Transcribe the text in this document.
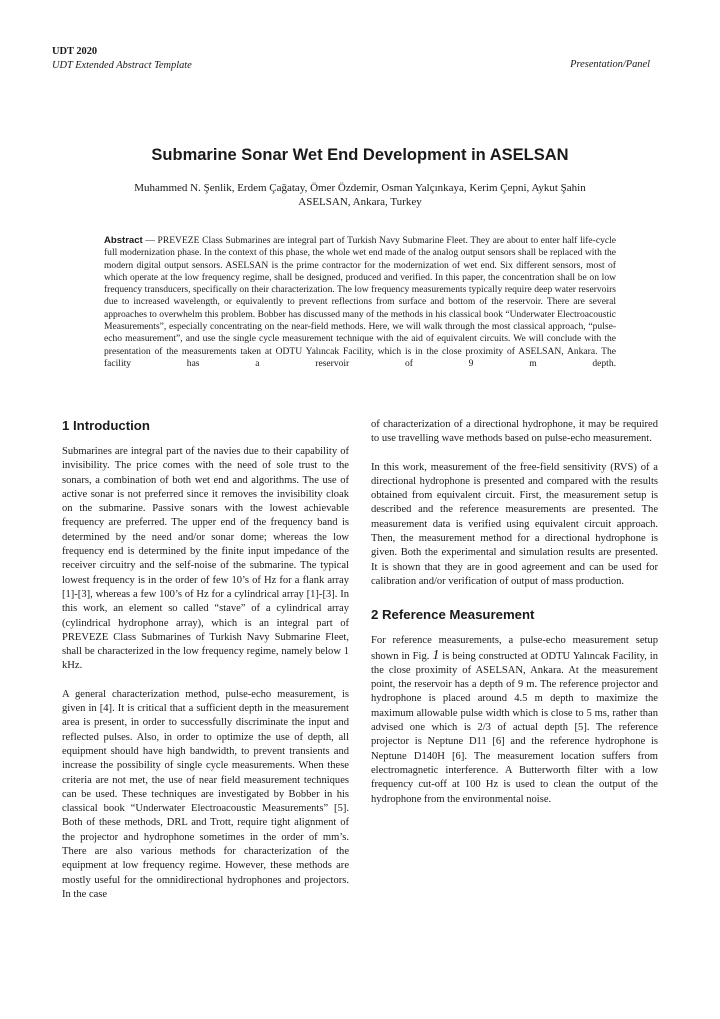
UDT 2020
UDT Extended Abstract Template	Presentation/Panel
Submarine Sonar Wet End Development in ASELSAN
Muhammed N. Şenlik, Erdem Çağatay, Ömer Özdemir, Osman Yalçınkaya, Kerim Çepni, Aykut Şahin
ASELSAN, Ankara, Turkey
Abstract — PREVEZE Class Submarines are integral part of Turkish Navy Submarine Fleet. They are about to enter half life-cycle full modernization phase. In the context of this phase, the whole wet end made of the analog output sensors shall be replaced with the modern digital output sensors. ASELSAN is the prime contractor for the modernization of wet end. Six different sensors, most of which operate at the low frequency regime, shall be designed, produced and verified. In this paper, the concentration shall be on low frequency transducers, specifically on their characterization. The low frequency measurements typically require deep water reservoirs due to increased wavelength, or equivalently to prevent reflections from surface and bottom of the reservoir. There are several approaches to overwhelm this problem. Bobber has discussed many of the methods in his classical book “Underwater Electroacoustic Measurements”, especially concentrating on the near-field methods. Here, we will walk through the most classical approach, “pulse-echo measurement”, and use the single cycle measurement technique with the aid of equivalent circuits. We will conclude with the presentation of the measurements taken at ODTU Yalıncak Facility, which is in the close proximity of ASELSAN, Ankara. The facility has a reservoir of 9 m depth.
1 Introduction

Submarines are integral part of the navies due to their capability of invisibility. The price comes with the need of sole trust to the sonars, a combination of both wet end and algorithms. The use of active sonar is not preferred since it removes the invisibility cloak on the submarine. Passive sonars with the lowest achievable frequency are preferred. The upper end of the frequency band is determined by the need and/or sonar dome; whereas the low frequency end is determined by the finite input impedance of the receiver circuitry and the self-noise of the submarine. The typical lowest frequency is in the order of few 10’s of Hz for a flank array [1]-[3], whereas a few 100’s of Hz for a cylindrical array [1]-[3]. In this work, an element so called “stave” of a cylindrical array (cylindrical hydrophone array), which is an integral part of PREVEZE Class Submarines of Turkish Navy Submarine Fleet, shall be characterized in the low frequency regime, namely below 1 kHz.

A general characterization method, pulse-echo measurement, is given in [4]. It is critical that a sufficient depth in the measurement area is present, in order to successfully discriminate the input and reflected pulses. Also, in order to optimize the use of depth, all equipment should have high bandwidth, to prevent transients and increase the possibility of single cycle measurements. When these criteria are not met, the use of near field measurement techniques can be used. These techniques are investigated by Bobber in his classical book “Underwater Electroacoustic Measurements” [5]. Both of these methods, DRL and Trott, require tight alignment of the projector and hydrophone sometimes in the order of mm’s. There are also various methods for characterization of the equipment at low frequency regime. However, these methods are mostly useful for the omnidirectional hydrophones and projectors. In the case

of characterization of a directional hydrophone, it may be required to use travelling wave methods based on pulse-echo measurement.

In this work, measurement of the free-field sensitivity (RVS) of a directional hydrophone is presented and compared with the results obtained from equivalent circuit. First, the measurement setup is described and the reference measurements are presented. The measurement data is verified using equivalent circuit approach. Then, the measurement method for a directional hydrophone is given. Both the experimental and simulation results are presented. It is shown that they are in good agreement and can be used for calibration and/or verification of output of mass production.

2 Reference Measurement

For reference measurements, a pulse-echo measurement setup shown in Fig. 1 is being constructed at ODTU Yalıncak Facility, in the close proximity of ASELSAN, Ankara. At the measurement point, the reservoir has a depth of 9 m. The reference projector and hydrophone is placed around 4.5 m depth to maximize the maximum allowable pulse width which is close to 5 ms, rather than advised one which is 2/3 of actual depth [5]. The reference projector is Neptune D11 [6] and the reference hydrophone is Neptune D140H [6]. The measurement location suffers from electromagnetic interference. A Butterworth filter with a low frequency cut-off at 100 Hz is used to clean the output of the hydrophone from the environmental noise.
